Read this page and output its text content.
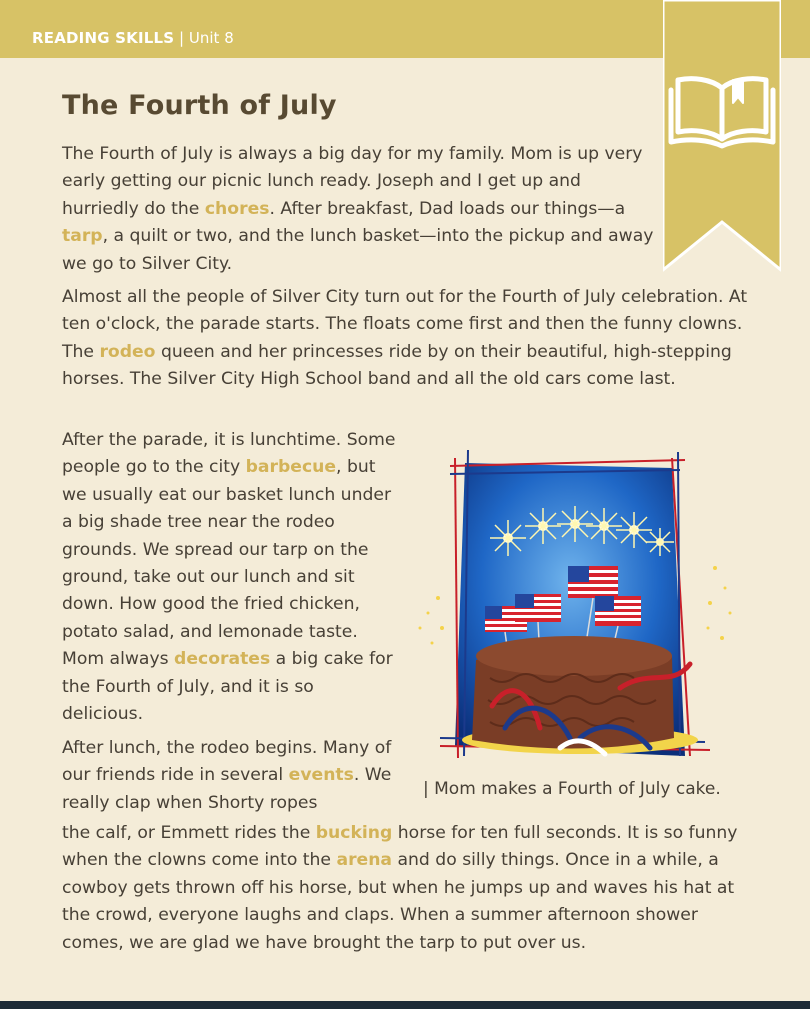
READING SKILLS | Unit 8
The Fourth of July

The Fourth of July is always a big day for my family. Mom is up very early getting our picnic lunch ready. Joseph and I get up and hurriedly do the chores. After breakfast, Dad loads our things—a tarp, a quilt or two, and the lunch basket—into the pickup and away we go to Silver City.

Almost all the people of Silver City turn out for the Fourth of July celebration. At ten o'clock, the parade starts. The floats come first and then the funny clowns. The rodeo queen and her princesses ride by on their beautiful, high-stepping horses. The Silver City High School band and all the old cars come last.

After the parade, it is lunchtime. Some people go to the city barbecue, but we usually eat our basket lunch under a big shade tree near the rodeo grounds. We spread our tarp on the ground, take out our lunch and sit down. How good the fried chicken, potato salad, and lemonade taste. Mom always decorates a big cake for the Fourth of July, and it is so delicious.

After lunch, the rodeo begins. Many of our friends ride in several events. We really clap when Shorty ropes

the calf, or Emmett rides the bucking horse for ten full seconds. It is so funny when the clowns come into the arena and do silly things. Once in a while, a cowboy gets thrown off his horse, but when he jumps up and waves his hat at the crowd, everyone laughs and claps. When a summer afternoon shower comes, we are glad we have brought the tarp to put over us.

| Mom makes a Fourth of July cake.
